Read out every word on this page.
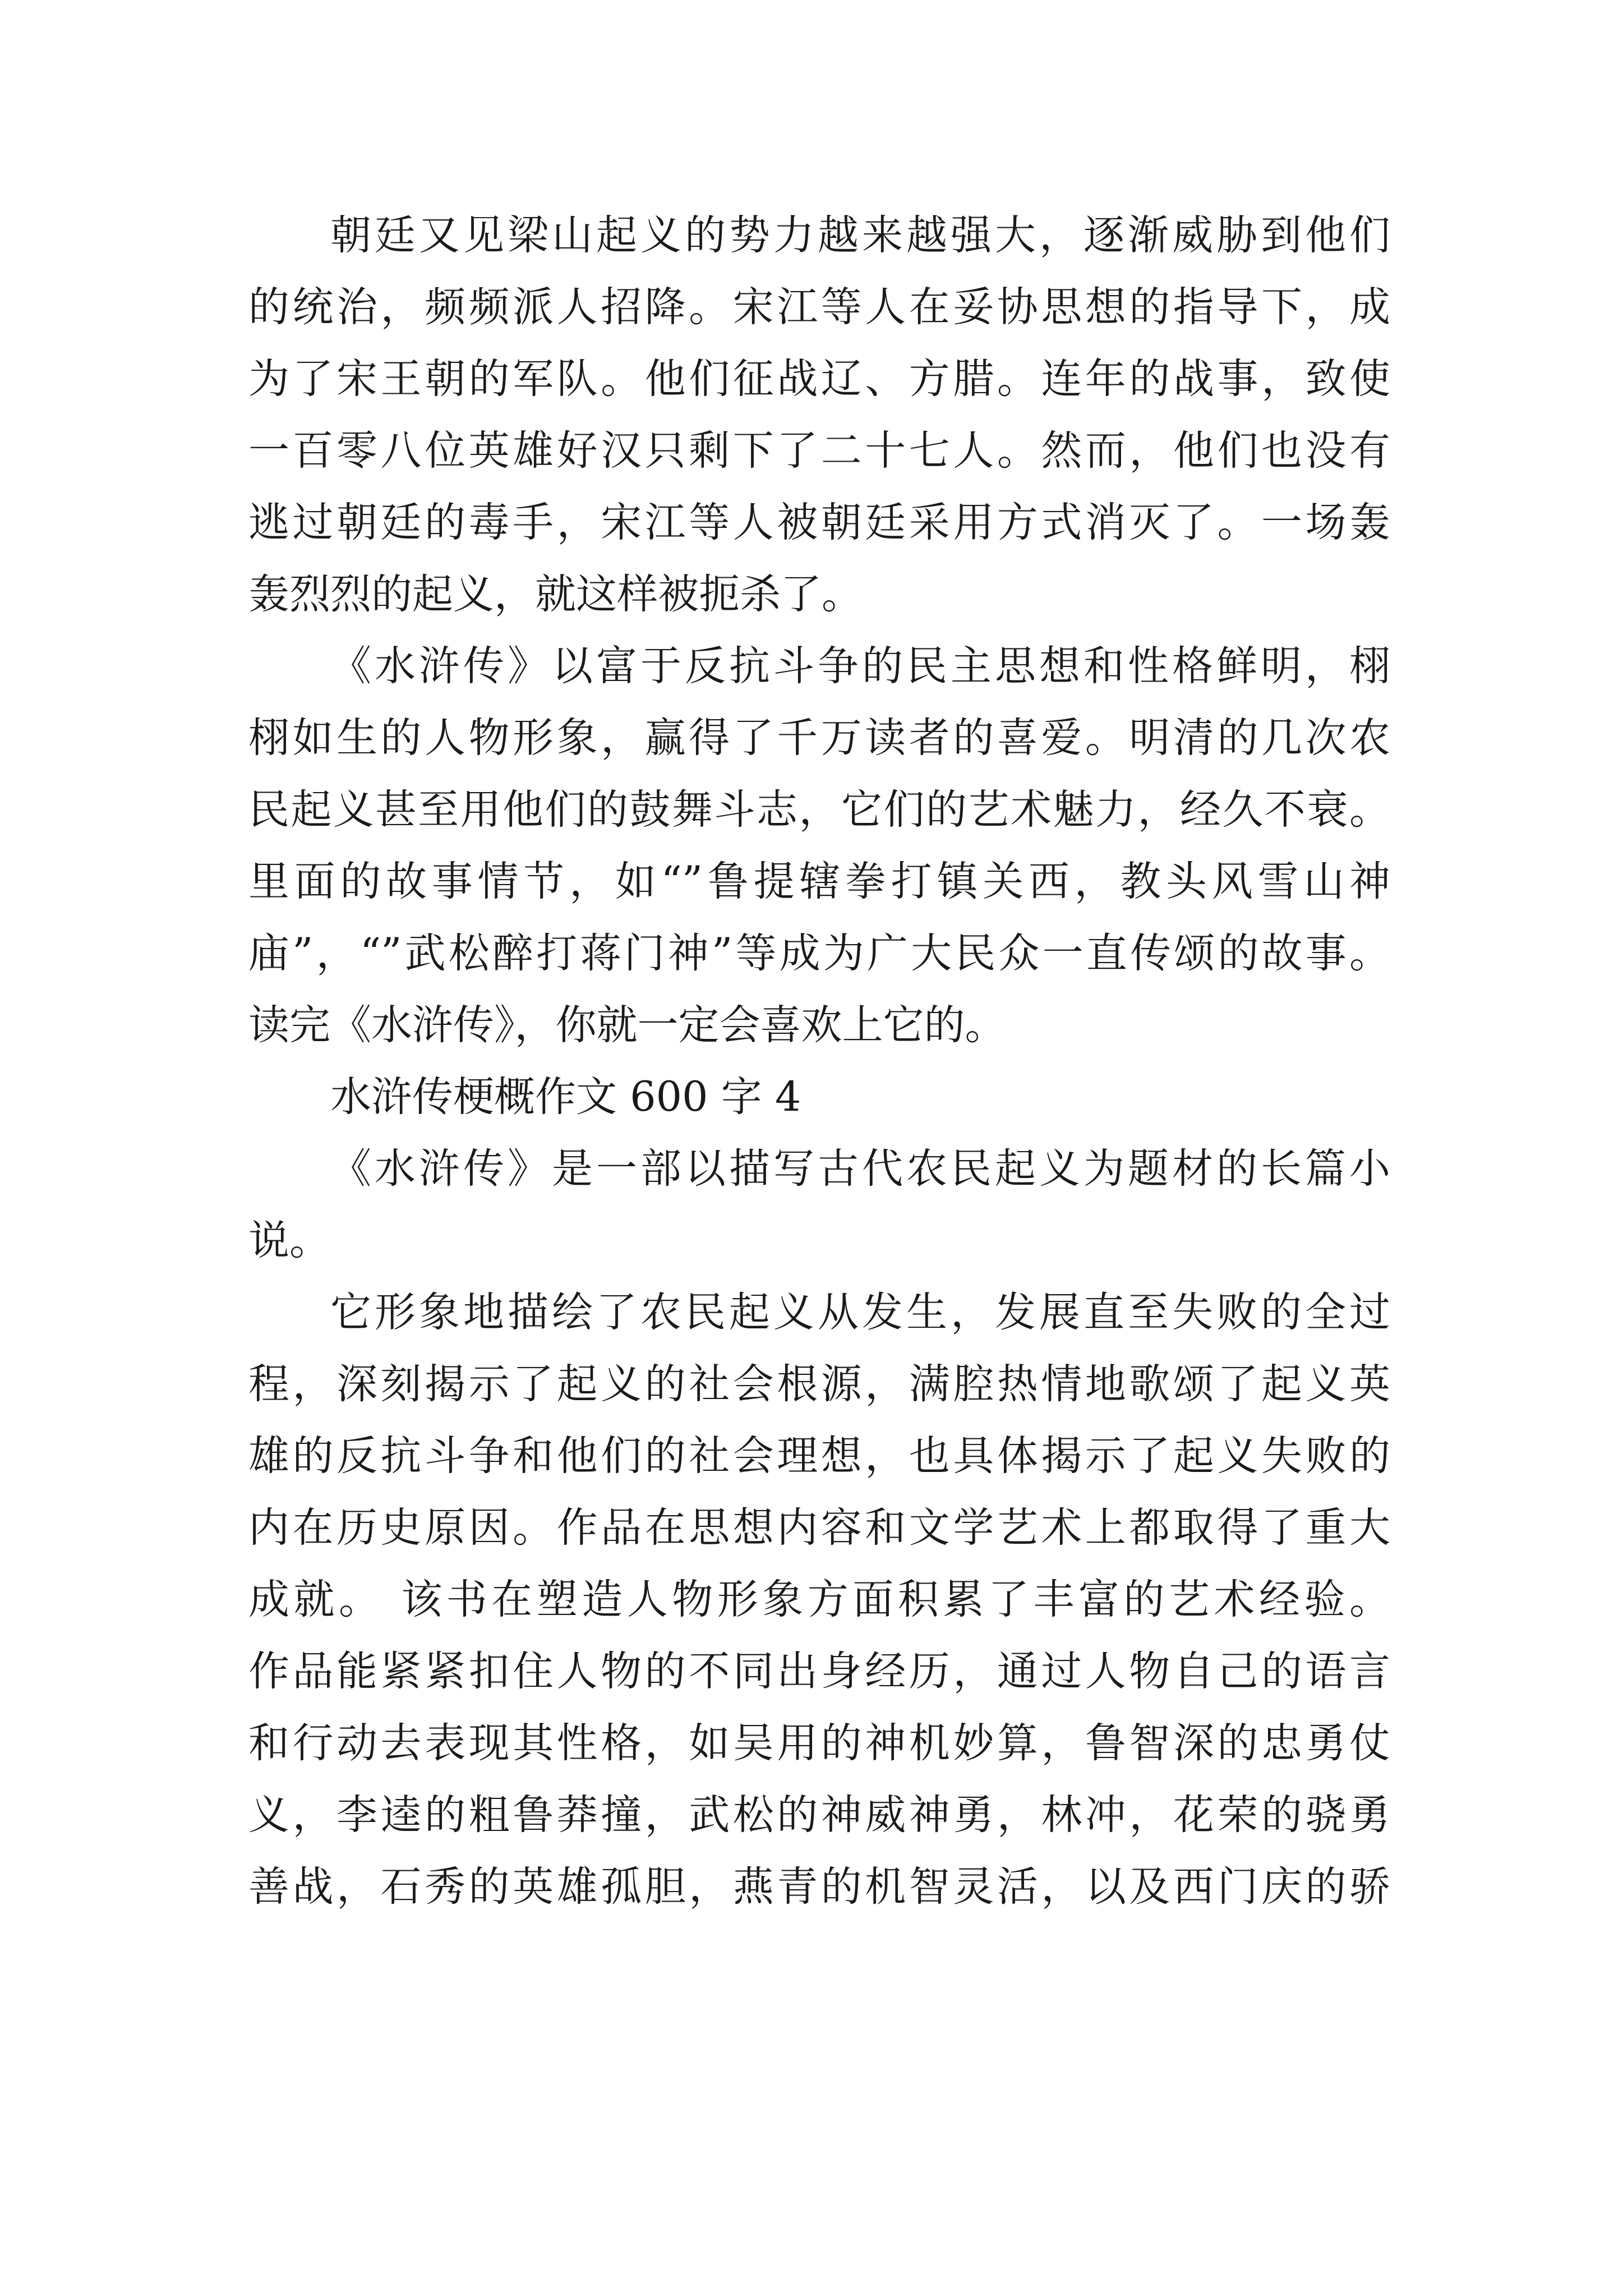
朝廷又见梁山起义的势力越来越强大，逐渐威胁到他们
的统治，频频派人招降。宋江等人在妥协思想的指导下，成
为了宋王朝的军队。他们征战辽、方腊。连年的战事，致使
一百零八位英雄好汉只剩下了二十七人。然而，他们也没有
逃过朝廷的毒手，宋江等人被朝廷采用方式消灭了。一场轰
轰烈烈的起义，就这样被扼杀了。
《水浒传》以富于反抗斗争的民主思想和性格鲜明，栩
栩如生的人物形象，赢得了千万读者的喜爱。明清的几次农
民起义甚至用他们的鼓舞斗志，它们的艺术魅力，经久不衰。
里面的故事情节，如“”鲁提辖拳打镇关西，教头风雪山神
庙”，“”武松醉打蒋门神”等成为广大民众一直传颂的故事。
读完《水浒传》，你就一定会喜欢上它的。
水浒传梗概作文 600 字 4
《水浒传》是一部以描写古代农民起义为题材的长篇小
说。
它形象地描绘了农民起义从发生，发展直至失败的全过
程，深刻揭示了起义的社会根源，满腔热情地歌颂了起义英
雄的反抗斗争和他们的社会理想，也具体揭示了起义失败的
内在历史原因。作品在思想内容和文学艺术上都取得了重大
成就。 该书在塑造人物形象方面积累了丰富的艺术经验。
作品能紧紧扣住人物的不同出身经历，通过人物自己的语言
和行动去表现其性格，如吴用的神机妙算，鲁智深的忠勇仗
义，李逵的粗鲁莽撞，武松的神威神勇，林冲，花荣的骁勇
善战，石秀的英雄孤胆，燕青的机智灵活，以及西门庆的骄
